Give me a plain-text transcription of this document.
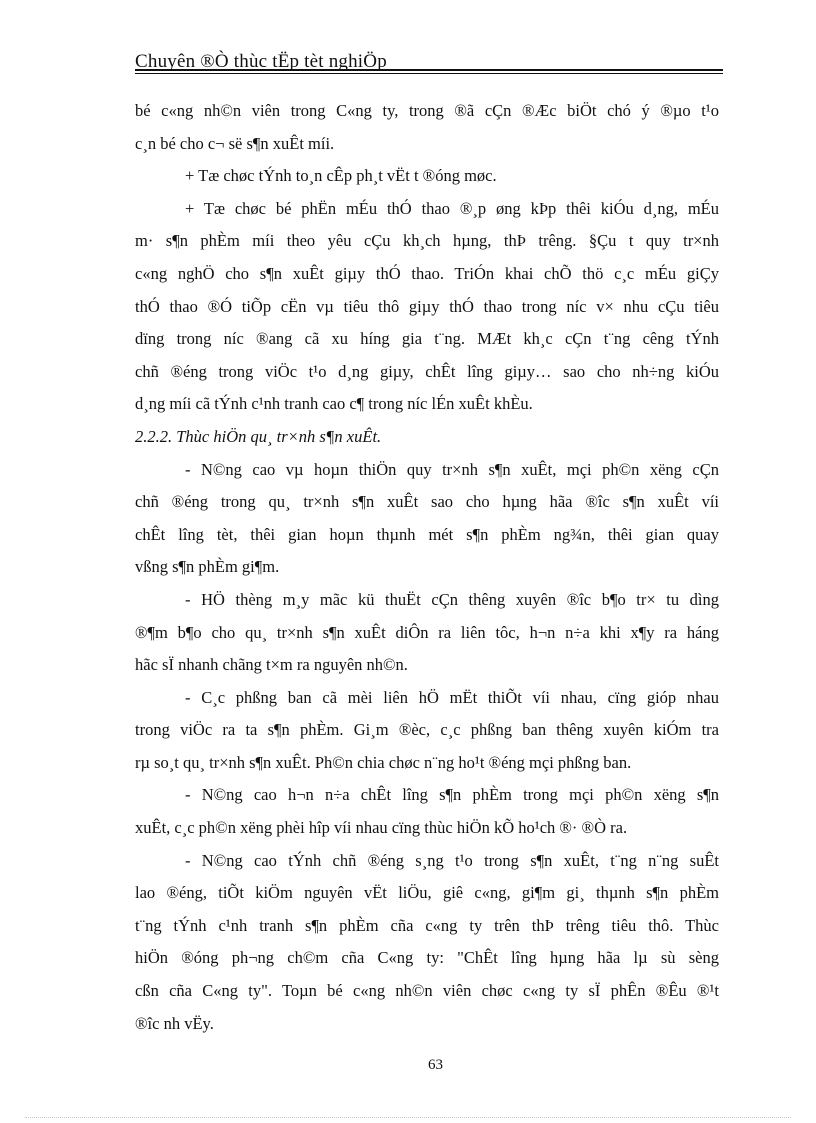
Chuyên ®Ò thùc tËp tèt nghiÖp
bé c«ng nh©n viên trong C«ng ty, trong ®ã cÇn ®Æc biÖt chó ý ®µo t¹o
c¸n bé cho c¬ së s¶n xuÊt míi.
+ Tæ chøc tÝnh to¸n cÊp ph¸t vËt t ®óng møc.
+ Tæ chøc bé phËn mÉu thÓ thao ®¸p øng kÞp thêi kiÓu d¸ng, mÉu
m· s¶n phÈm míi theo yêu cÇu kh¸ch hµng, thÞ trêng. §Çu t quy tr×nh
c«ng nghÖ cho s¶n xuÊt giµy thÓ thao. TriÓn khai chÕ thö c¸c mÉu giÇy
thÓ thao ®Ó tiÕp cËn vµ tiêu thô giµy thÓ thao trong níc v× nhu cÇu tiêu
dïng trong níc ®ang cã xu híng gia t¨ng. MÆt kh¸c cÇn t¨ng cêng tÝnh
chñ ®éng trong viÖc t¹o d¸ng giµy, chÊt lîng giµy… sao cho nh÷ng kiÓu
d¸ng míi cã tÝnh c¹nh tranh cao c¶ trong níc lÉn xuÊt khÈu.
2.2.2. Thùc hiÖn qu¸ tr×nh s¶n xuÊt.
- N©ng cao vµ hoµn thiÖn quy tr×nh s¶n xuÊt, mçi ph©n xëng cÇn
chñ ®éng trong qu¸ tr×nh s¶n xuÊt sao cho hµng hãa ®îc s¶n xuÊt víi
chÊt lîng tèt, thêi gian hoµn thµnh mét s¶n phÈm ng¾n, thêi gian quay
vßng s¶n phÈm gi¶m.
- HÖ thèng m¸y mãc kü thuËt cÇn thêng xuyên ®îc b¶o tr× tu dìng
®¶m b¶o cho qu¸ tr×nh s¶n xuÊt diÔn ra liên tôc, h¬n n÷a khi x¶y ra háng
hãc sÏ nhanh chãng t×m ra nguyên nh©n.
- C¸c phßng ban cã mèi liên hÖ mËt thiÕt víi nhau, cïng gióp nhau
trong viÖc ra ta s¶n phÈm. Gi¸m ®èc, c¸c phßng ban thêng xuyên kiÓm tra
rµ so¸t qu¸ tr×nh s¶n xuÊt. Ph©n chia chøc n¨ng ho¹t ®éng mçi phßng ban.
- N©ng cao h¬n n÷a chÊt lîng s¶n phÈm trong mçi ph©n xëng s¶n
xuÊt, c¸c ph©n xëng phèi hîp víi nhau cïng thùc hiÖn kÕ ho¹ch ®· ®Ò ra.
- N©ng cao tÝnh chñ ®éng s¸ng t¹o trong s¶n xuÊt, t¨ng n¨ng suÊt
lao ®éng, tiÕt kiÖm nguyên vËt liÖu, giê c«ng, gi¶m gi¸ thµnh s¶n phÈm
t¨ng tÝnh c¹nh tranh s¶n phÈm cña c«ng ty trên thÞ trêng tiêu thô. Thùc
hiÖn ®óng ph¬ng ch©m cña C«ng ty: "ChÊt lîng hµng hãa lµ sù sèng
cßn cña C«ng ty". Toµn bé c«ng nh©n viên chøc c«ng ty sÏ phÊn ®Êu ®¹t
®îc nh vËy.
63
